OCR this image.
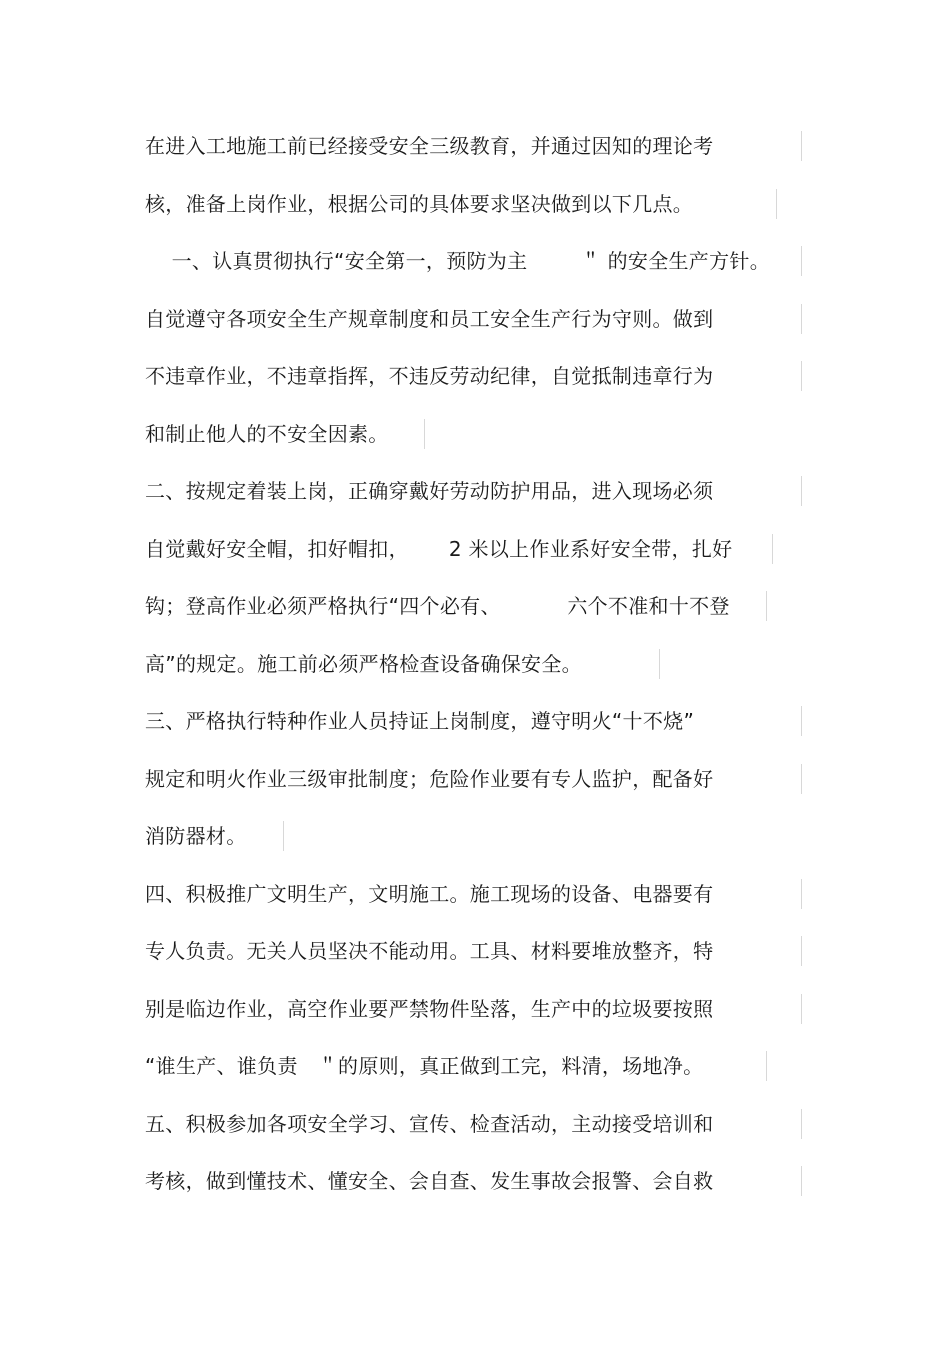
在进入工地施工前已经接受安全三级教育，并通过因知的理论考
核，准备上岗作业，根据公司的具体要求坚决做到以下几点。
一、认真贯彻执行“安全第一，预防为主        ＂ 的安全生产方针。
自觉遵守各项安全生产规章制度和员工安全生产行为守则。做到
不违章作业，不违章指挥，不违反劳动纪律，自觉抵制违章行为
和制止他人的不安全因素。
二、按规定着装上岗，正确穿戴好劳动防护用品，进入现场必须
自觉戴好安全帽，扣好帽扣，      2 米以上作业系好安全带，扎好
钩；登高作业必须严格执行“四个必有、          六个不准和十不登
高”的规定。施工前必须严格检查设备确保安全。
三、严格执行特种作业人员持证上岗制度，遵守明火“十不烧”
规定和明火作业三级审批制度；危险作业要有专人监护，配备好
消防器材。
四、积极推广文明生产，文明施工。施工现场的设备、电器要有
专人负责。无关人员坚决不能动用。工具、材料要堆放整齐，特
别是临边作业，高空作业要严禁物件坠落，生产中的垃圾要按照
“谁生产、谁负责   ＂的原则，真正做到工完，料清，场地净。
五、积极参加各项安全学习、宣传、检查活动，主动接受培训和
考核，做到懂技术、懂安全、会自查、发生事故会报警、会自救
